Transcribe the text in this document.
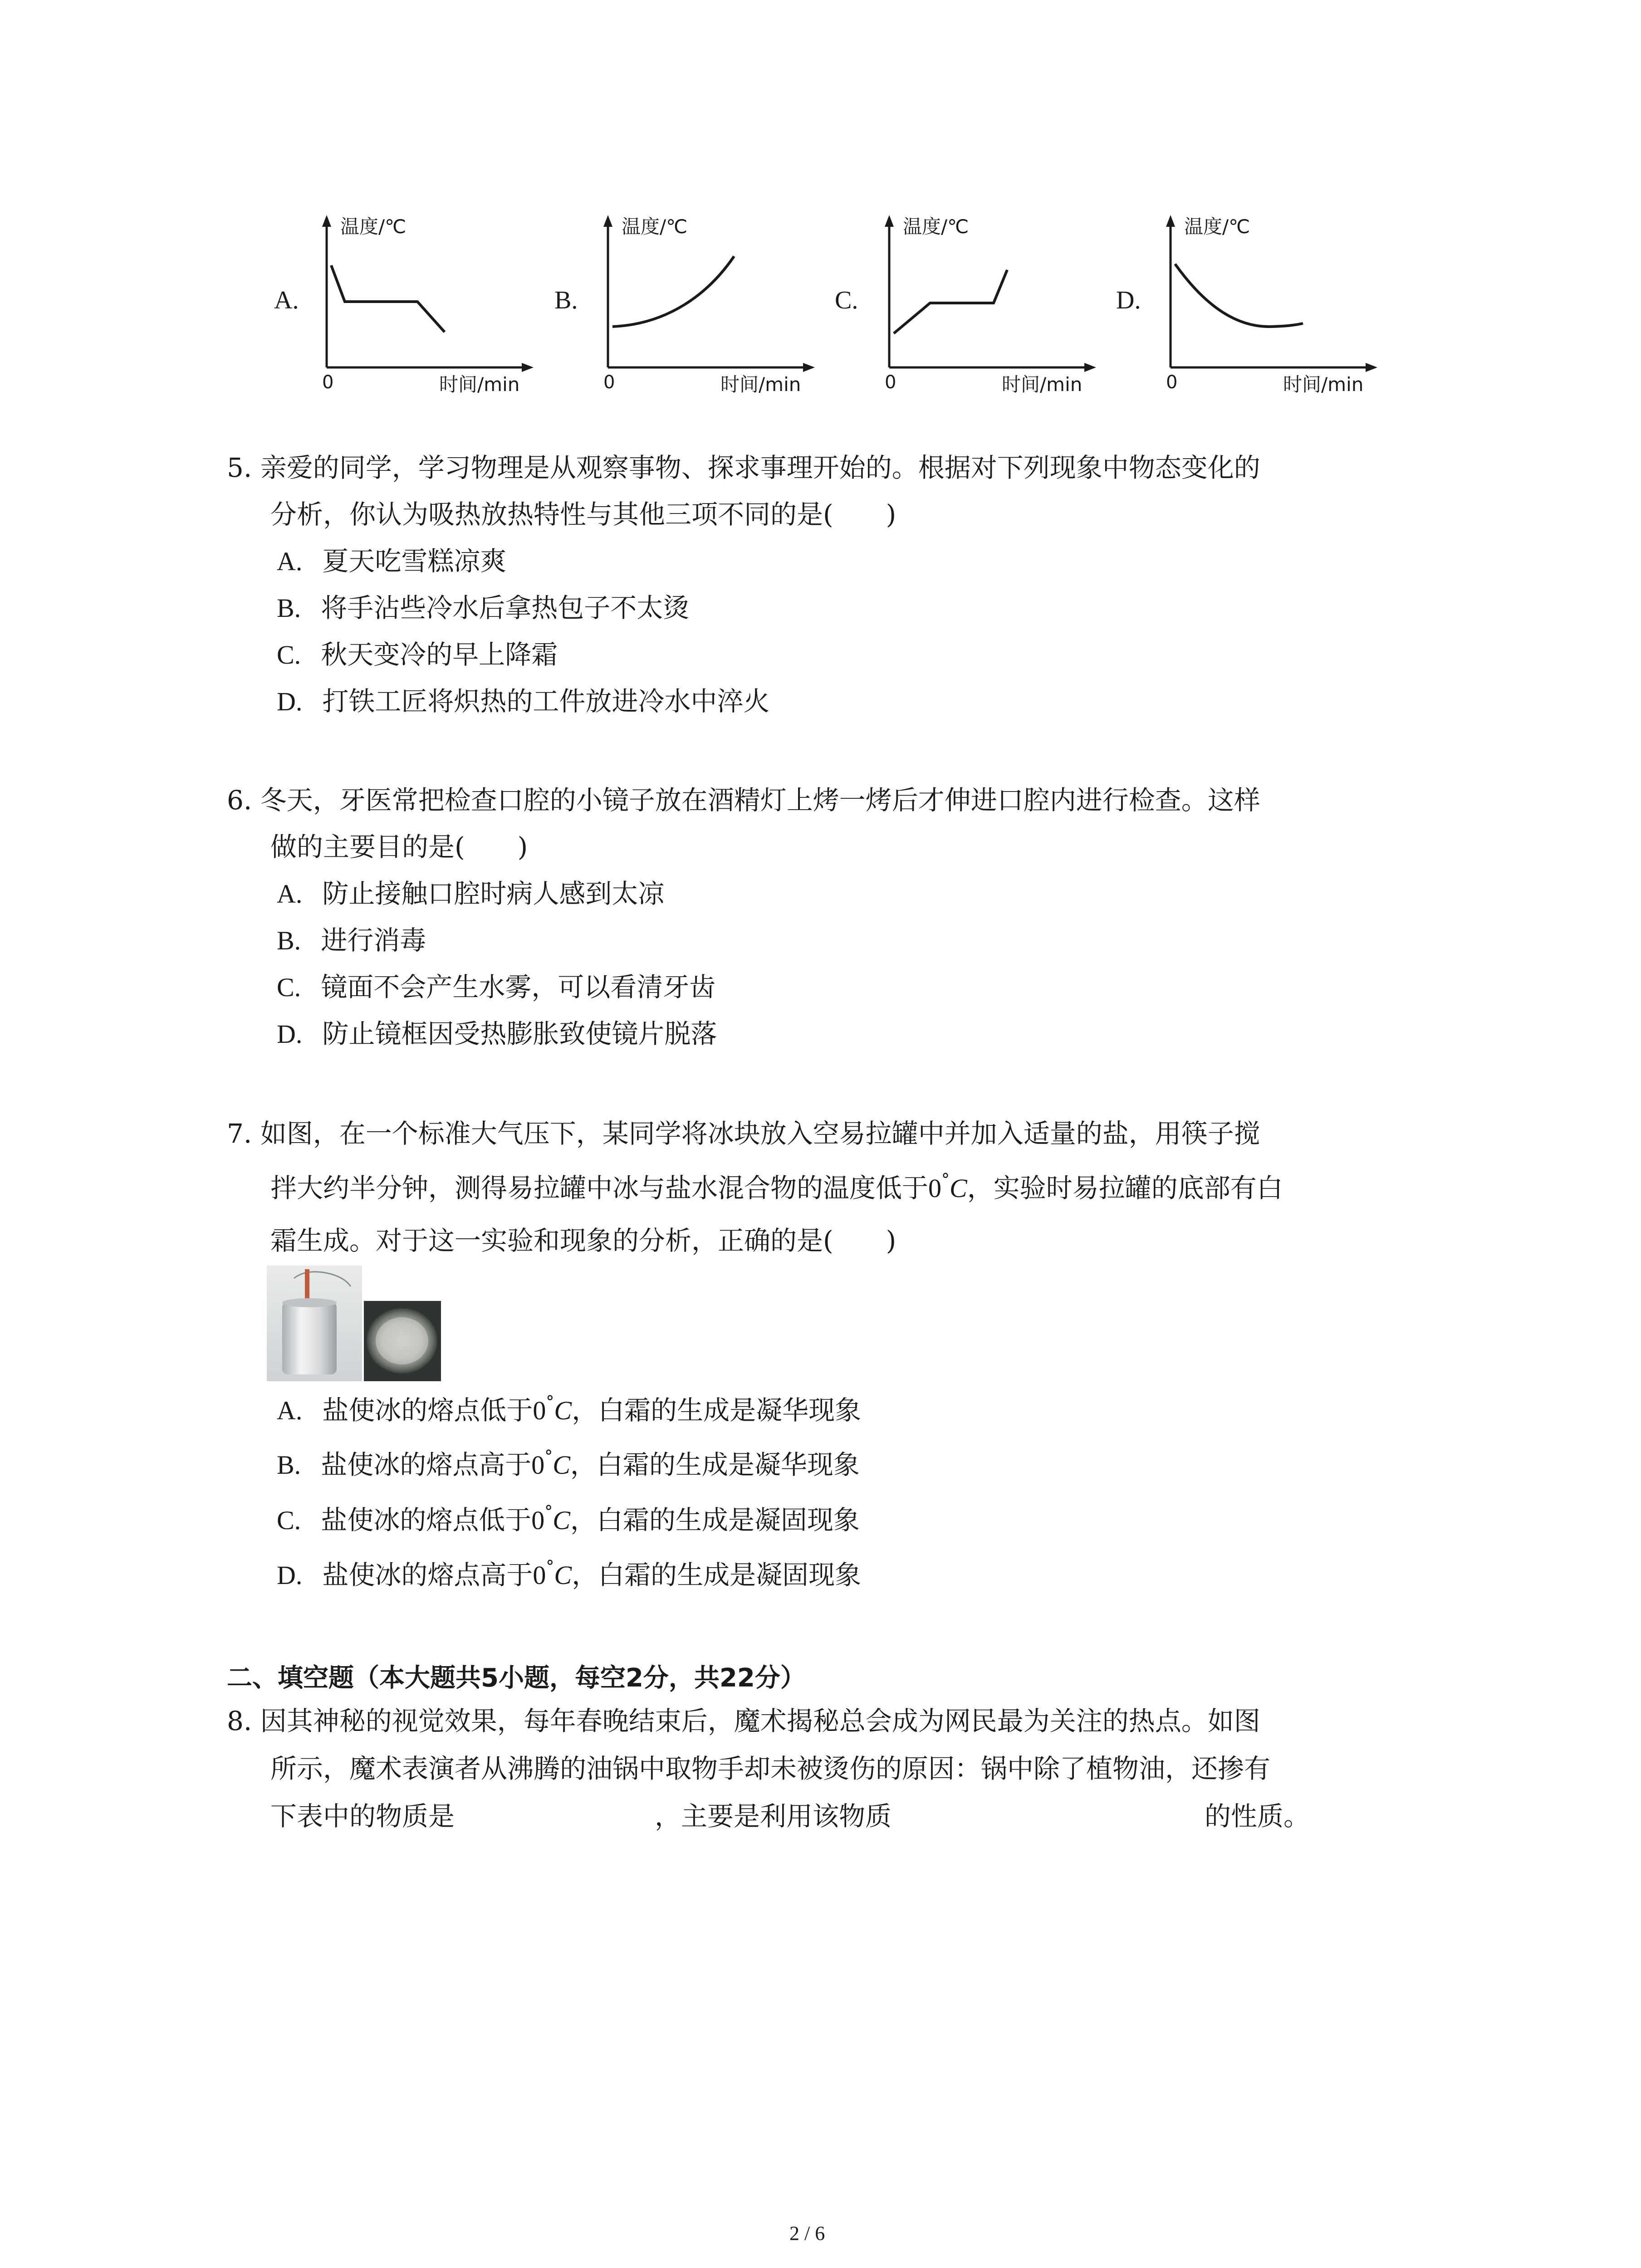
A.
温度/℃
0	时间/min
B.
温度/℃
0	时间/min
C.
温度/℃
0	时间/min
D.
温度/℃
0	时间/min
5. 亲爱的同学，学习物理是从观察事物、探求事理开始的。根据对下列现象中物态变化的
分析，你认为吸热放热特性与其他三项不同的是(　　)
A. 夏天吃雪糕凉爽
B. 将手沾些冷水后拿热包子不太烫
C. 秋天变冷的早上降霜
D. 打铁工匠将炽热的工件放进冷水中淬火
6. 冬天，牙医常把检查口腔的小镜子放在酒精灯上烤一烤后才伸进口腔内进行检查。这样
做的主要目的是(　　)
A. 防止接触口腔时病人感到太凉
B. 进行消毒
C. 镜面不会产生水雾，可以看清牙齿
D. 防止镜框因受热膨胀致使镜片脱落
7. 如图，在一个标准大气压下，某同学将冰块放入空易拉罐中并加入适量的盐，用筷子搅
拌大约半分钟，测得易拉罐中冰与盐水混合物的温度低于0°C，实验时易拉罐的底部有白
霜生成。对于这一实验和现象的分析，正确的是(　　)
A. 盐使冰的熔点低于0°C，白霜的生成是凝华现象
B. 盐使冰的熔点高于0°C，白霜的生成是凝华现象
C. 盐使冰的熔点低于0°C，白霜的生成是凝固现象
D. 盐使冰的熔点高于0°C，白霜的生成是凝固现象
二、填空题（本大题共5小题，每空2分，共22分）
8. 因其神秘的视觉效果，每年春晚结束后，魔术揭秘总会成为网民最为关注的热点。如图
所示，魔术表演者从沸腾的油锅中取物手却未被烫伤的原因：锅中除了植物油，还掺有
下表中的物质是	，主要是利用该物质	的性质。
2 / 6
